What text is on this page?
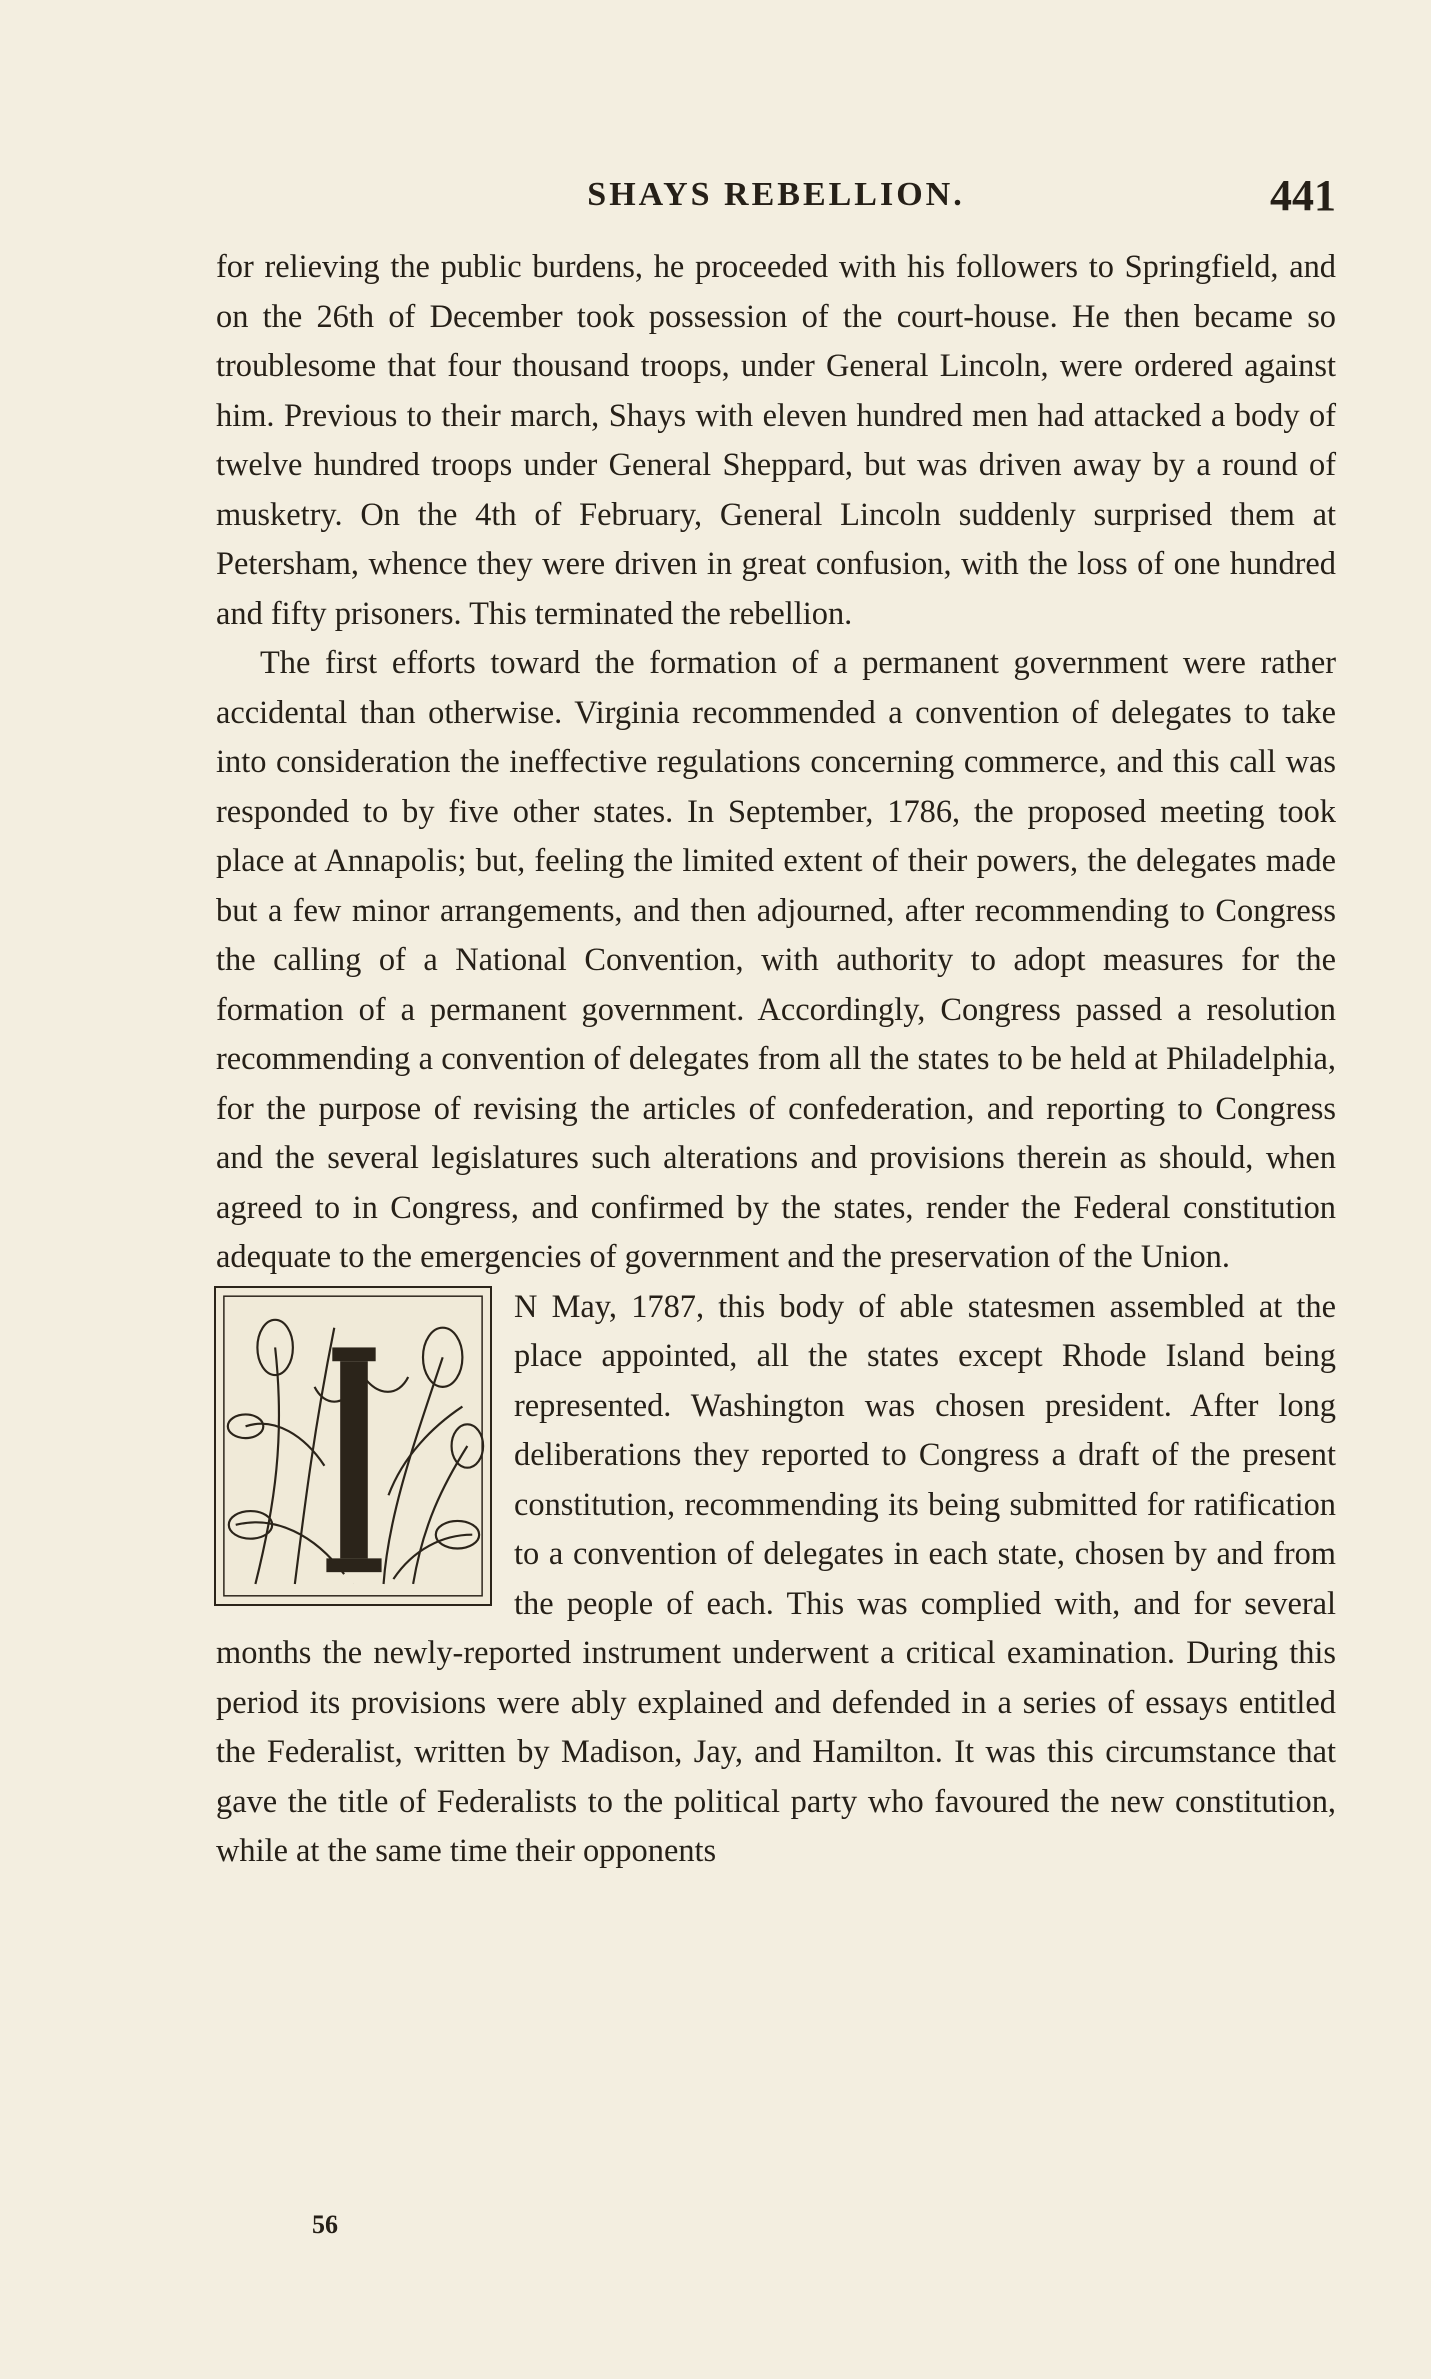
SHAYS REBELLION.	441

for relieving the public burdens, he proceeded with his followers to Springfield, and on the 26th of December took possession of the court-house. He then became so troublesome that four thousand troops, under General Lincoln, were ordered against him. Previous to their march, Shays with eleven hundred men had attacked a body of twelve hundred troops under General Sheppard, but was driven away by a round of musketry. On the 4th of February, General Lincoln suddenly surprised them at Petersham, whence they were driven in great confusion, with the loss of one hundred and fifty prisoners. This terminated the rebellion.

The first efforts toward the formation of a permanent government were rather accidental than otherwise. Virginia recommended a convention of delegates to take into consideration the ineffective regulations concerning commerce, and this call was responded to by five other states. In September, 1786, the proposed meeting took place at Annapolis; but, feeling the limited extent of their powers, the delegates made but a few minor arrangements, and then adjourned, after recommending to Congress the calling of a National Convention, with authority to adopt measures for the formation of a permanent government. Accordingly, Congress passed a resolution recommending a convention of delegates from all the states to be held at Philadelphia, for the purpose of revising the articles of confederation, and reporting to Congress and the several legislatures such alterations and provisions therein as should, when agreed to in Congress, and confirmed by the states, render the Federal constitution adequate to the emergencies of government and the preservation of the Union.

I

N May, 1787, this body of able statesmen assembled at the place appointed, all the states except Rhode Island being represented. Washington was chosen president. After long deliberations they reported to Congress a draft of the present constitution, recommending its being submitted for ratification to a convention of delegates in each state, chosen by and from the people of each. This was complied with, and for several months the newly-reported instrument underwent a critical examination. During this period its provisions were ably explained and defended in a series of essays entitled the Federalist, written by Madison, Jay, and Hamilton. It was this circumstance that gave the title of Federalists to the political party who favoured the new constitution, while at the same time their opponents

56
